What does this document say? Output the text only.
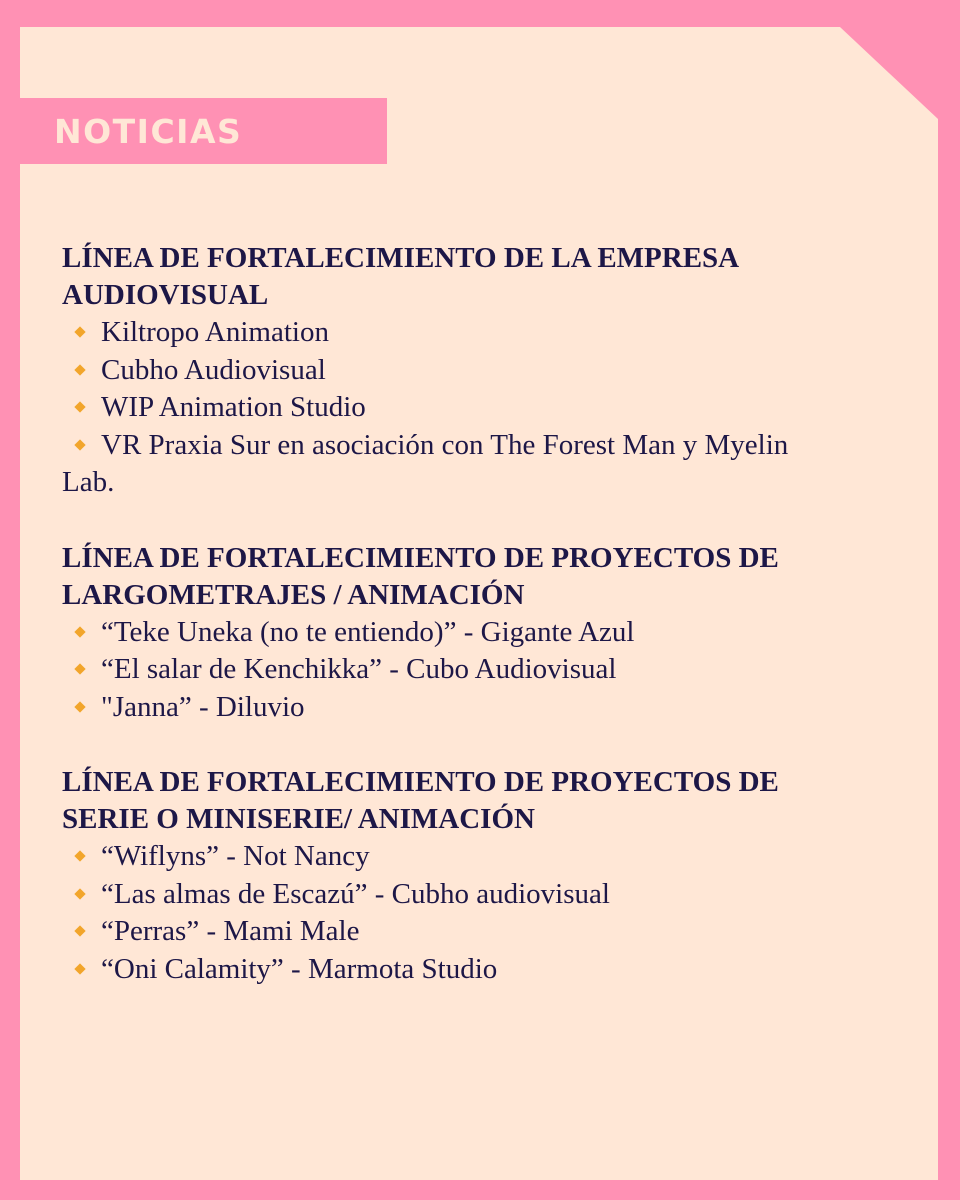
NOTICIAS

LÍNEA DE FORTALECIMIENTO DE LA EMPRESA AUDIOVISUAL

Kiltropo Animation

Cubho Audiovisual

WIP Animation Studio

VR Praxia Sur en asociación con The Forest Man y Myelin Lab.

LÍNEA DE FORTALECIMIENTO DE PROYECTOS DE LARGOMETRAJES / ANIMACIÓN

“Teke Uneka (no te entiendo)” - Gigante Azul

“El salar de Kenchikka” - Cubo Audiovisual

"Janna” - Diluvio

LÍNEA DE FORTALECIMIENTO DE PROYECTOS DE SERIE O MINISERIE/ ANIMACIÓN

“Wiflyns” - Not Nancy

“Las almas de Escazú” - Cubho audiovisual

“Perras” - Mami Male

“Oni Calamity” - Marmota Studio
